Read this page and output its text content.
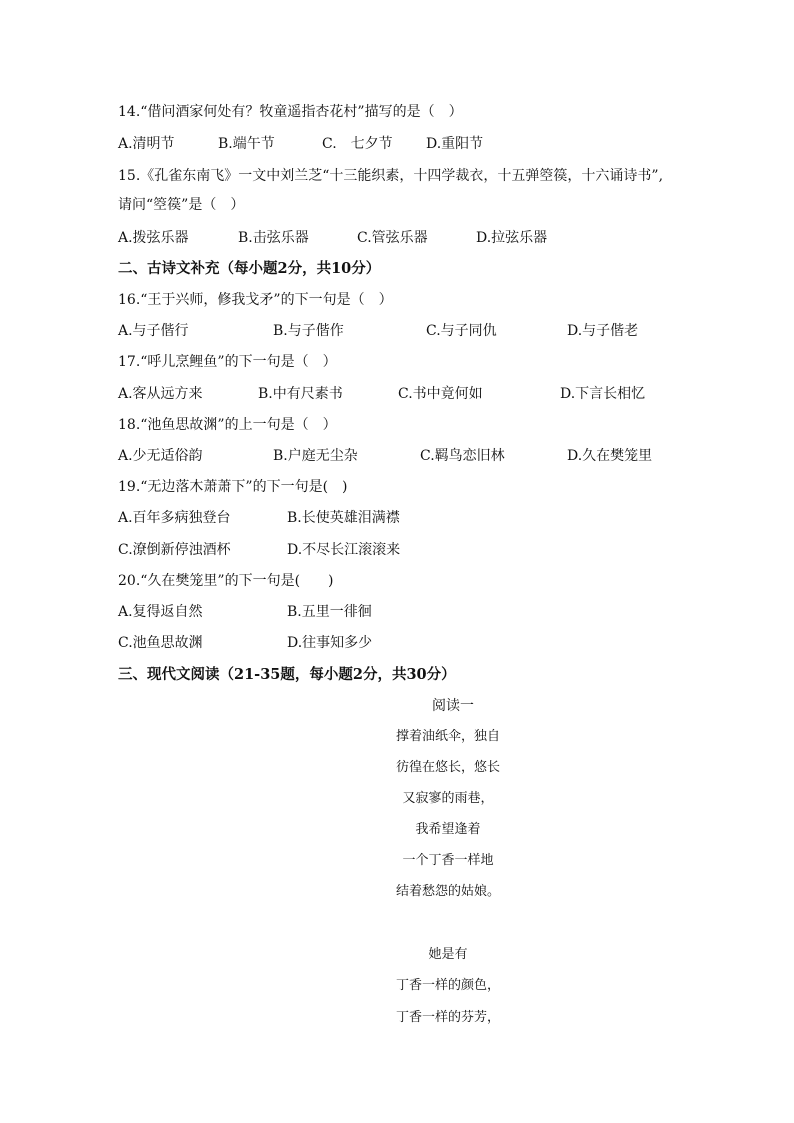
14.“借问酒家何处有？牧童遥指杏花村”描写的是（　）
A.清明节	B.端午节	C.　七夕节 D.重阳节
15.《孔雀东南飞》一文中刘兰芝“十三能织素，十四学裁衣，十五弹箜篌，十六诵诗书”,
请问“箜篌”是（　）
A.拨弦乐器	B.击弦乐器	C.管弦乐器	D.拉弦乐器
二、古诗文补充（每小题2分，共10分）
16.“王于兴师，修我戈矛”的下一句是（　）
A.与子偕行	B.与子偕作	C.与子同仇	D.与子偕老
17.“呼儿烹鲤鱼”的下一句是（　）
A.客从远方来	B.中有尺素书	C.书中竟何如	D.下言长相忆
18.“池鱼思故渊”的上一句是（　）
A.少无适俗韵	B.户庭无尘杂	C.羁鸟恋旧林	D.久在樊笼里
19.“无边落木萧萧下”的下一句是(　)
A.百年多病独登台	B.长使英雄泪满襟
C.潦倒新停浊酒杯	D.不尽长江滚滚来
20.“久在樊笼里”的下一句是(　　)
A.复得返自然	B.五里一徘徊
C.池鱼思故渊	D.往事知多少
三、现代文阅读（21-35题，每小题2分，共30分）
阅读一
撑着油纸伞，独自
彷徨在悠长，悠长
又寂寥的雨巷，
我希望逢着
一个丁香一样地
结着愁怨的姑娘。
她是有
丁香一样的颜色，
丁香一样的芬芳，
